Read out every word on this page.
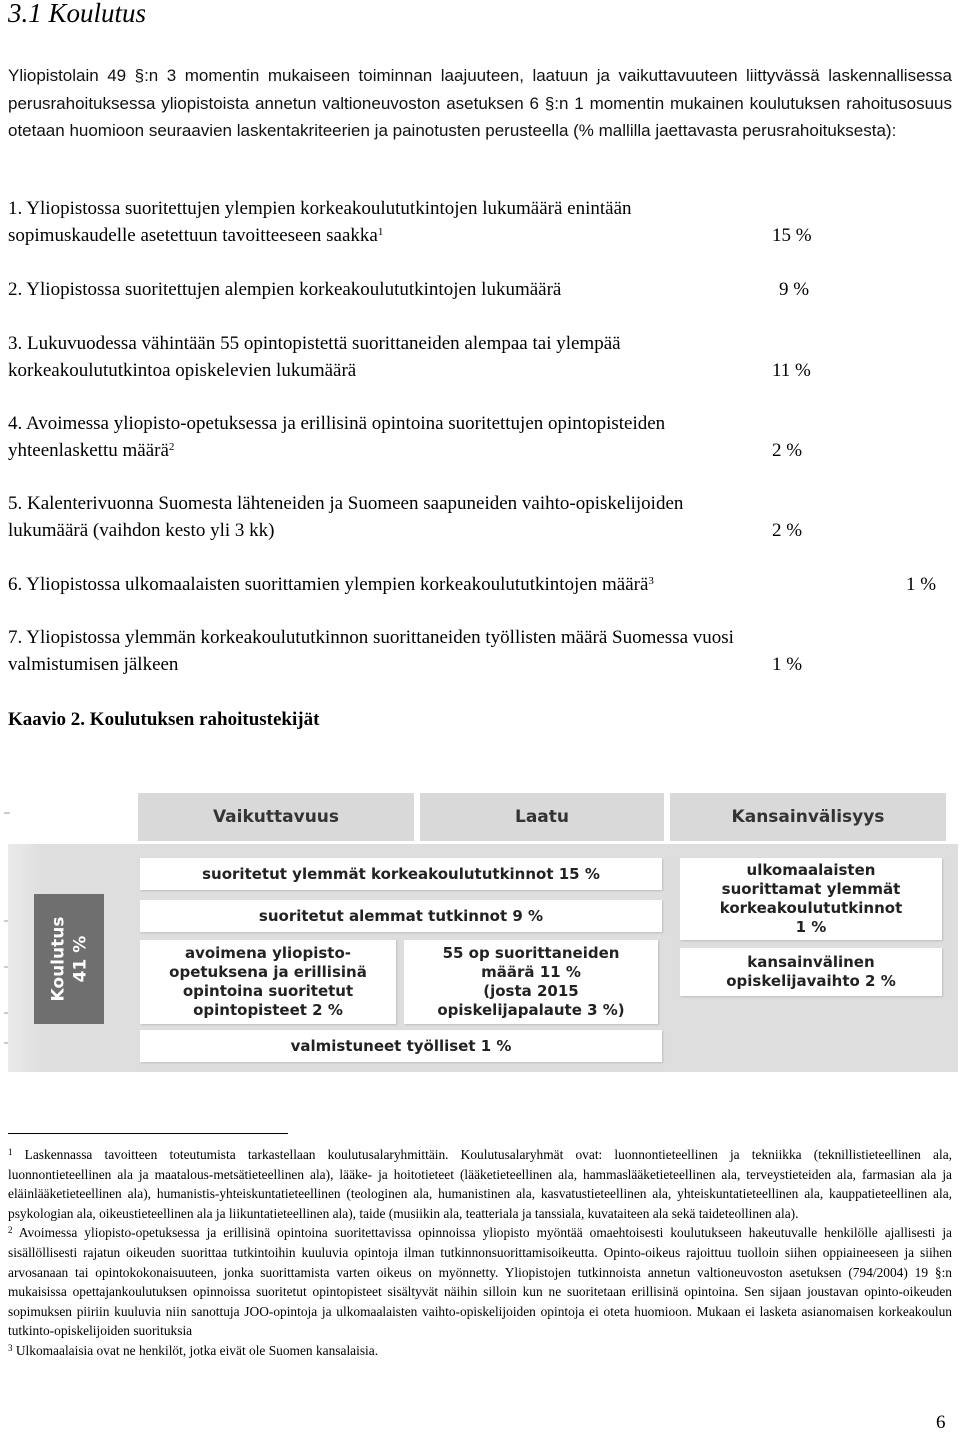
3.1 Koulutus

Yliopistolain 49 §:n 3 momentin mukaiseen toiminnan laajuuteen, laatuun ja vaikuttavuuteen liittyvässä laskennallisessa perusrahoituksessa yliopistoista annetun valtioneuvoston asetuksen 6 §:n 1 momentin mukainen koulutuksen rahoitusosuus otetaan huomioon seuraavien laskentakriteerien ja painotusten perusteella (% mallilla jaettavasta perusrahoituksesta):

1. Yliopistossa suoritettujen ylempien korkeakoulututkintojen lukumäärä enintään
sopimuskaudelle asetettuun tavoitteeseen saakka$^1$	15 %
2. Yliopistossa suoritettujen alempien korkeakoulututkintojen lukumäärä	9 %
3. Lukuvuodessa vähintään 55 opintopistettä suorittaneiden alempaa tai ylempää
korkeakoulututkintoa opiskelevien lukumäärä	11 %
4. Avoimessa yliopisto-opetuksessa ja erillisinä opintoina suoritettujen opintopisteiden
yhteenlaskettu määrä$^2$	2 %
5. Kalenterivuonna Suomesta lähteneiden ja Suomeen saapuneiden vaihto-opiskelijoiden
lukumäärä (vaihdon kesto yli 3 kk)	2 %
6. Yliopistossa ulkomaalaisten suorittamien ylempien korkeakoulututkintojen määrä$^3$	1 %
7. Yliopistossa ylemmän korkeakoulututkinnon suorittaneiden työllisten määrä Suomessa vuosi
valmistumisen jälkeen	1 %

Kaavio 2. Koulutuksen rahoitustekijät

Vaikuttavuus	Laatu	Kansainvälisyys
Koulutus 41 %
suoritetut ylemmät korkeakoulututkinnot 15 %
suoritetut alemmat tutkinnot 9 %
avoimena yliopisto-
opetuksena ja erillisinä
opintoina suoritetut
opintopisteet 2 %
55 op suorittaneiden
määrä 11 %
(josta 2015
opiskelijapalaute 3 %)
ulkomaalaisten
suorittamat ylemmät
korkeakoulututkinnot
1 %
kansainvälinen
opiskelijavaihto 2 %
valmistuneet työlliset 1 %

$^1$ Laskennassa tavoitteen toteutumista tarkastellaan koulutusalaryhmittäin. Koulutusalaryhmät ovat: luonnontieteellinen ja tekniikka (teknillistieteellinen ala, luonnontieteellinen ala ja maatalous-metsätieteellinen ala), lääke- ja hoitotieteet (lääketieteellinen ala, hammaslääketieteellinen ala, terveystieteiden ala, farmasian ala ja eläinlääketieteellinen ala), humanistis-yhteiskuntatieteellinen (teologinen ala, humanistinen ala, kasvatustieteellinen ala, yhteiskuntatieteellinen ala, kauppatieteellinen ala, psykologian ala, oikeustieteellinen ala ja liikuntatieteellinen ala), taide (musiikin ala, teatteriala ja tanssiala, kuvataiteen ala sekä taideteollinen ala).

$^2$ Avoimessa yliopisto-opetuksessa ja erillisinä opintoina suoritettavissa opinnoissa yliopisto myöntää omaehtoisesti koulutukseen hakeutuvalle henkilölle ajallisesti ja sisällöllisesti rajatun oikeuden suorittaa tutkintoihin kuuluvia opintoja ilman tutkinnonsuorittamisoikeutta. Opinto-oikeus rajoittuu tuolloin siihen oppiaineeseen ja siihen arvosanaan tai opintokokonaisuuteen, jonka suorittamista varten oikeus on myönnetty. Yliopistojen tutkinnoista annetun valtioneuvoston asetuksen (794/2004) 19 §:n mukaisissa opettajankoulutuksen opinnoissa suoritetut opintopisteet sisältyvät näihin silloin kun ne suoritetaan erillisinä opintoina. Sen sijaan joustavan opinto-oikeuden sopimuksen piiriin kuuluvia niin sanottuja JOO-opintoja ja ulkomaalaisten vaihto-opiskelijoiden opintoja ei oteta huomioon. Mukaan ei lasketa asianomaisen korkeakoulun tutkinto-opiskelijoiden suorituksia

$^3$ Ulkomaalaisia ovat ne henkilöt, jotka eivät ole Suomen kansalaisia.

6
